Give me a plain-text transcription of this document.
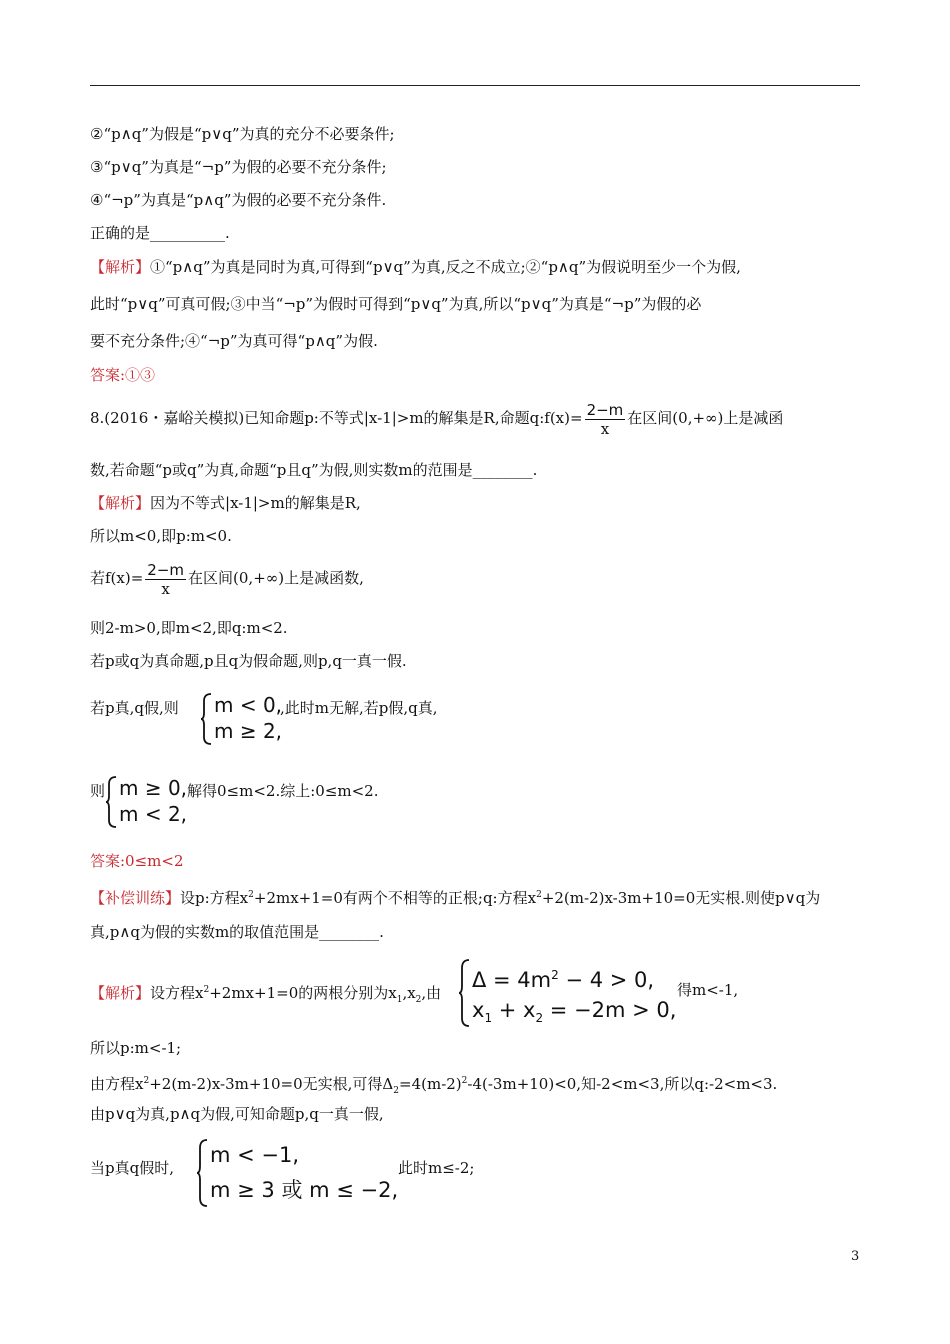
②“p∧q”为假是“p∨q”为真的充分不必要条件;
③“p∨q”为真是“¬p”为假的必要不充分条件;
④“¬p”为真是“p∧q”为假的必要不充分条件.
正确的是__________.
【解析】①“p∧q”为真是同时为真,可得到“p∨q”为真,反之不成立;②“p∧q”为假说明至少一个为假,
此时“p∨q”可真可假;③中当“¬p”为假时可得到“p∨q”为真,所以“p∨q”为真是“¬p”为假的必
要不充分条件;④“¬p”为真可得“p∧q”为假.
答案:①③
8.(2016・嘉峪关模拟)已知命题p:不等式|x-1|>m的解集是R,命题q:f(x)= $\frac{2-m}{x}$ 在区间(0,+∞)上是减函
数,若命题“p或q”为真,命题“p且q”为假,则实数m的范围是________.
【解析】因为不等式|x-1|>m的解集是R,
所以m<0,即p:m<0.
若$f(x)= \frac{2-m}{x}$ 在区间(0,+∞)上是减函数,
则2-m>0,即m<2,即q:m<2.
若p或q为真命题,p且q为假命题,则p,q一真一假.
若p真,q假,则 m < 0,
m ≥ 2,
,此时m无解,若p假,q真,
则 m ≥ 0,
m < 2,
解得0≤m<2.综上:0≤m<2.
答案:0≤m<2
【补偿训练】设p:方程$x^2+2mx+1=0$有两个不相等的正根;q:方程$x^2+2(m-2)x-3m+10=0$无实根.则使p∨q为
真,p∧q为假的实数m的取值范围是________.
【解析】设方程$x^2+2mx+1=0$的两根分别为$x_1,x_2$,由
$\Delta = 4m^2 - 4 > 0$,
$x_1 + x_2 = -2m > 0$,
得m<-1,
所以p:m<-1;
由方程$x^2+2(m-2)x-3m+10=0$无实根,可得$\Delta_2=4(m-2)^2-4(-3m+10)<0$,知-2<m<3,所以q:-2<m<3.
由p∨q为真,p∧q为假,可知命题p,q一真一假,
当p真q假时,
m < −1,
m ≥ 3 或 m ≤ −2,
此时m≤-2;
3
